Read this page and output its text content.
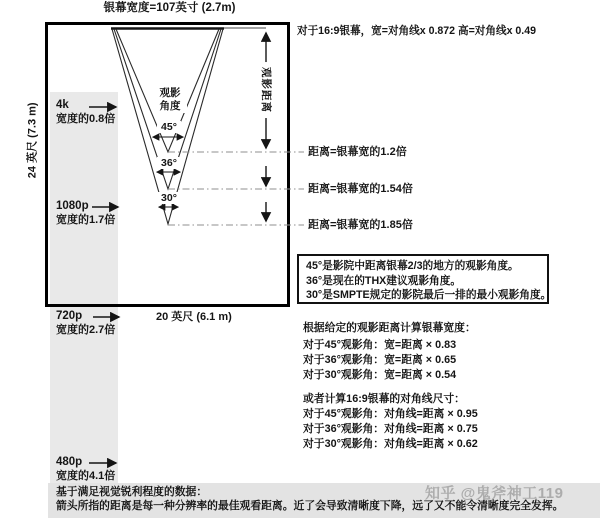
银幕宽度=107英寸 (2.7m)
24 英尺 (7.3 m)
20 英尺 (6.1 m)
4k
宽度的0.8倍
1080p
宽度的1.7倍
720p
宽度的2.7倍
480p
宽度的4.1倍
观影
角度
45°
36°
30°
观影距离
距离=银幕宽的1.2倍
距离=银幕宽的1.54倍
距离=银幕宽的1.85倍
对于16:9银幕，宽=对角线x 0.872 高=对角线x 0.49
45°是影院中距离银幕2/3的地方的观影角度。
36°是现在的THX建议观影角度。
30°是SMPTE规定的影院最后一排的最小观影角度。
根据给定的观影距离计算银幕宽度：
对于45°观影角：宽=距离 × 0.83
对于36°观影角：宽=距离 × 0.65
对于30°观影角：宽=距离 × 0.54
或者计算16:9银幕的对角线尺寸：
对于45°观影角：对角线=距离 × 0.95
对于36°观影角：对角线=距离 × 0.75
对于30°观影角：对角线=距离 × 0.62
基于满足视觉锐利程度的数据：
箭头所指的距离是每一种分辨率的最佳观看距离。近了会导致清晰度下降，远了又不能令清晰度完全发挥。
知乎 @鬼斧神工119
